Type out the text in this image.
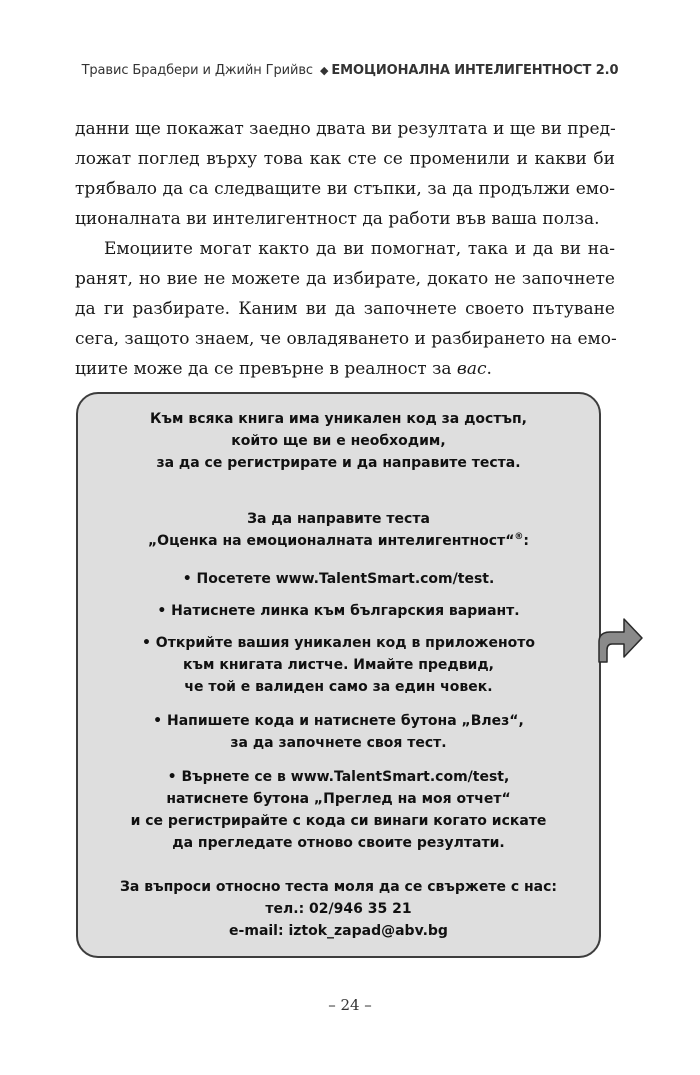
Травис Брадбери и Джийн Грийвс ◆ ЕМОЦИОНАЛНА ИНТЕЛИГЕНТНОСТ 2.0
данни ще покажат заедно двата ви резултата и ще ви пред-
ложат поглед върху това как сте се променили и какви би
трябвало да са следващите ви стъпки, за да продължи емо-
ционалната ви интелигентност да работи във ваша полза.
Емоциите могат както да ви помогнат, така и да ви на-
ранят, но вие не можете да избирате, докато не започнете
да ги разбирате. Каним ви да започнете своето пътуване
сега, защото знаем, че овладяването и разбирането на емо-
циите може да се превърне в реалност за вас.
Към всяка книга има уникален код за достъп,
който ще ви е необходим,
за да се регистрирате и да направите теста.
За да направите теста
„Оценка на емоционалната интелигентност“®:
• Посетете www.TalentSmart.com/test.
• Натиснете линка към българския вариант.
• Открийте вашия уникален код в приложеното
към книгата листче. Имайте предвид,
че той е валиден само за един човек.
• Напишете кода и натиснете бутона „Влез“,
за да започнете своя тест.
• Върнете се в www.TalentSmart.com/test,
натиснете бутона „Преглед на моя отчет“
и се регистрирайте с кода си винаги когато искате
да прегледате отново своите резултати.
За въпроси относно теста моля да се свържете с нас:
тел.: 02/946 35 21
e-mail: iztok_zapad@abv.bg
– 24 –
